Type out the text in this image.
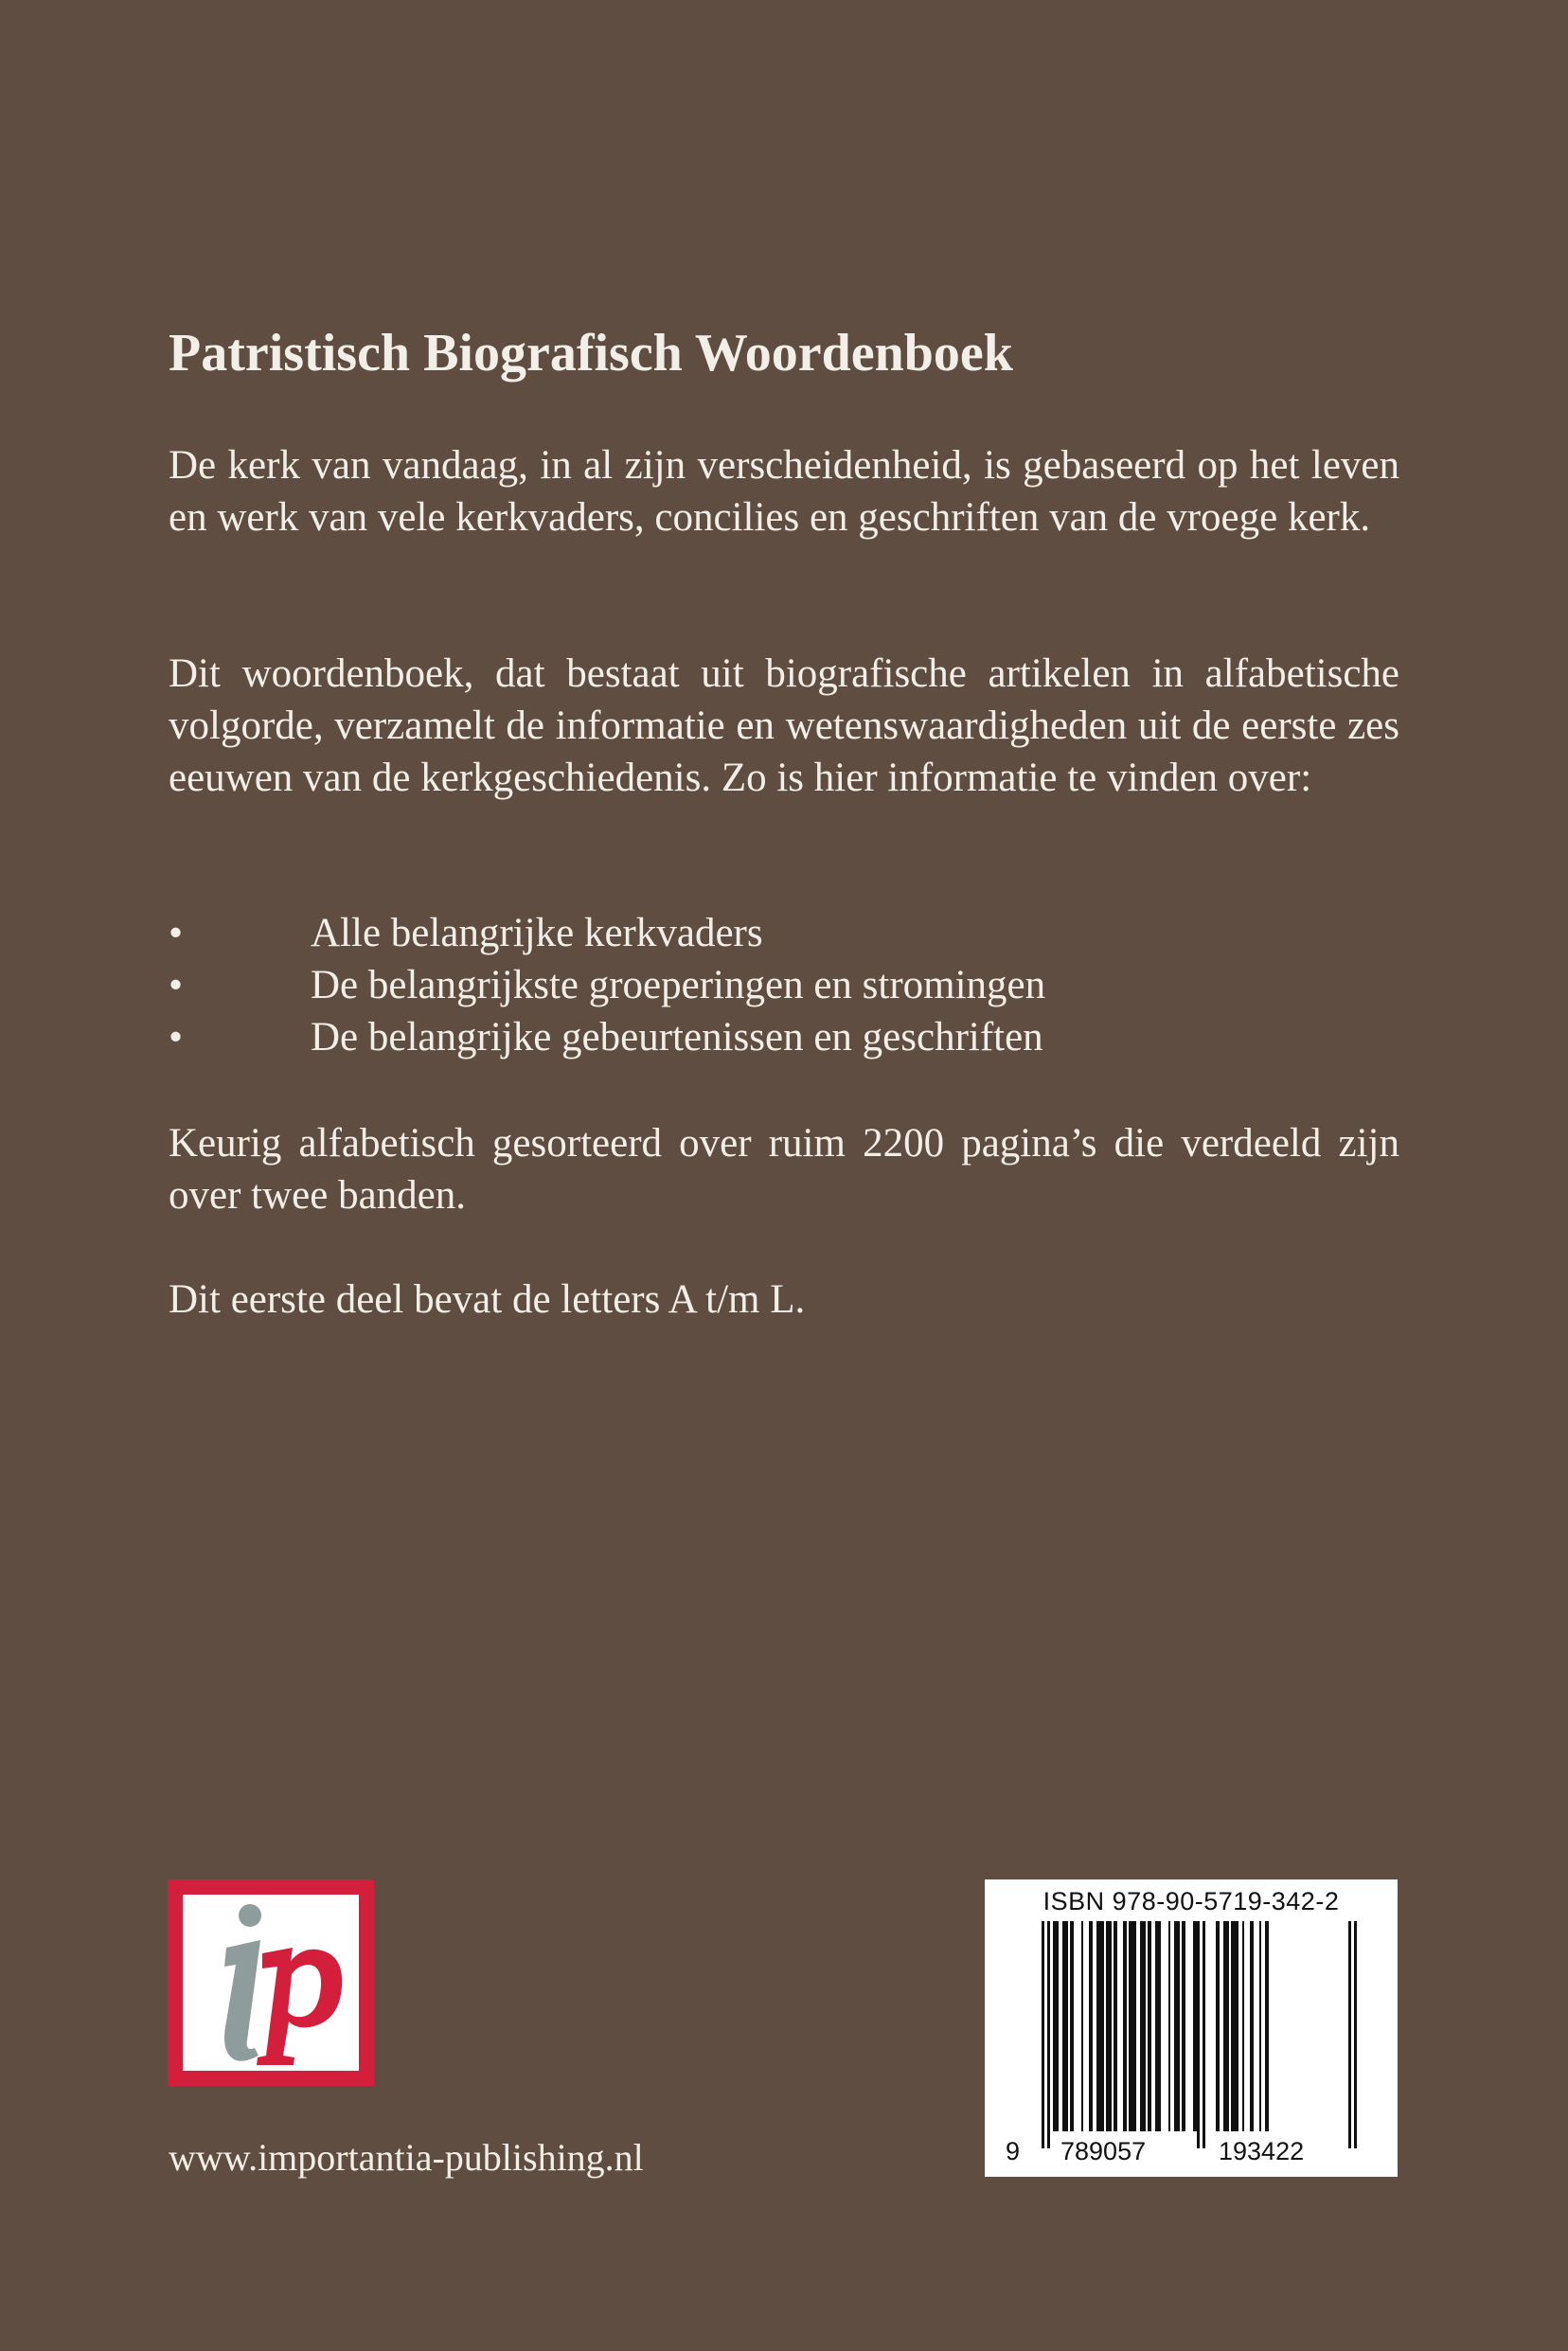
Patristisch Biografisch Woordenboek

De kerk van vandaag, in al zijn verscheidenheid, is gebaseerd op het leven en werk van vele kerkvaders, concilies en geschriften van de vroege kerk.

Dit woordenboek, dat bestaat uit biografische artikelen in alfabetische volgorde, verzamelt de informatie en wetenswaardigheden uit de eerste zes eeuwen van de kerkgeschiedenis. Zo is hier informatie te vinden over:

•	Alle belangrijke kerkvaders
•	De belangrijkste groeperingen en stromingen
•	De belangrijke gebeurtenissen en geschriften

Keurig alfabetisch gesorteerd over ruim 2200 pagina’s die verdeeld zijn over twee banden.

Dit eerste deel bevat de letters A t/m L.

www.importantia-publishing.nl

ISBN 978-90-5719-342-2
9 789057	193422
